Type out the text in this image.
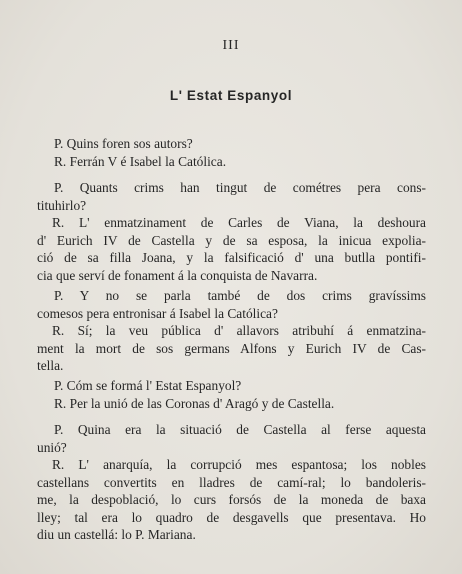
III
L' Estat Espanyol
P. Quins foren sos autors?
R. Ferrán V é Isabel la Católica.
P. Quants crims han tingut de cométres pera cons-
tituhirlo?
R. L' enmatzinament de Carles de Viana, la deshoura
d' Eurich IV de Castella y de sa esposa, la inicua expolia-
ció de sa filla Joana, y la falsificació d' una butlla pontifi-
cia que serví de fonament á la conquista de Navarra.
P. Y no se parla també de dos crims gravíssims
comesos pera entronisar á Isabel la Católica?
R. Sí; la veu pública d' allavors atribuhí á enmatzina-
ment la mort de sos germans Alfons y Eurich IV de Cas-
tella.
P. Cóm se formá l' Estat Espanyol?
R. Per la unió de las Coronas d' Aragó y de Castella.
P. Quina era la situació de Castella al ferse aquesta
unió?
R. L' anarquía, la corrupció mes espantosa; los nobles
castellans convertits en lladres de camí-ral; lo bandoleris-
me, la despoblació, lo curs forsós de la moneda de baxa
lley; tal era lo quadro de desgavells que presentava. Ho
diu un castellá: lo P. Mariana.
